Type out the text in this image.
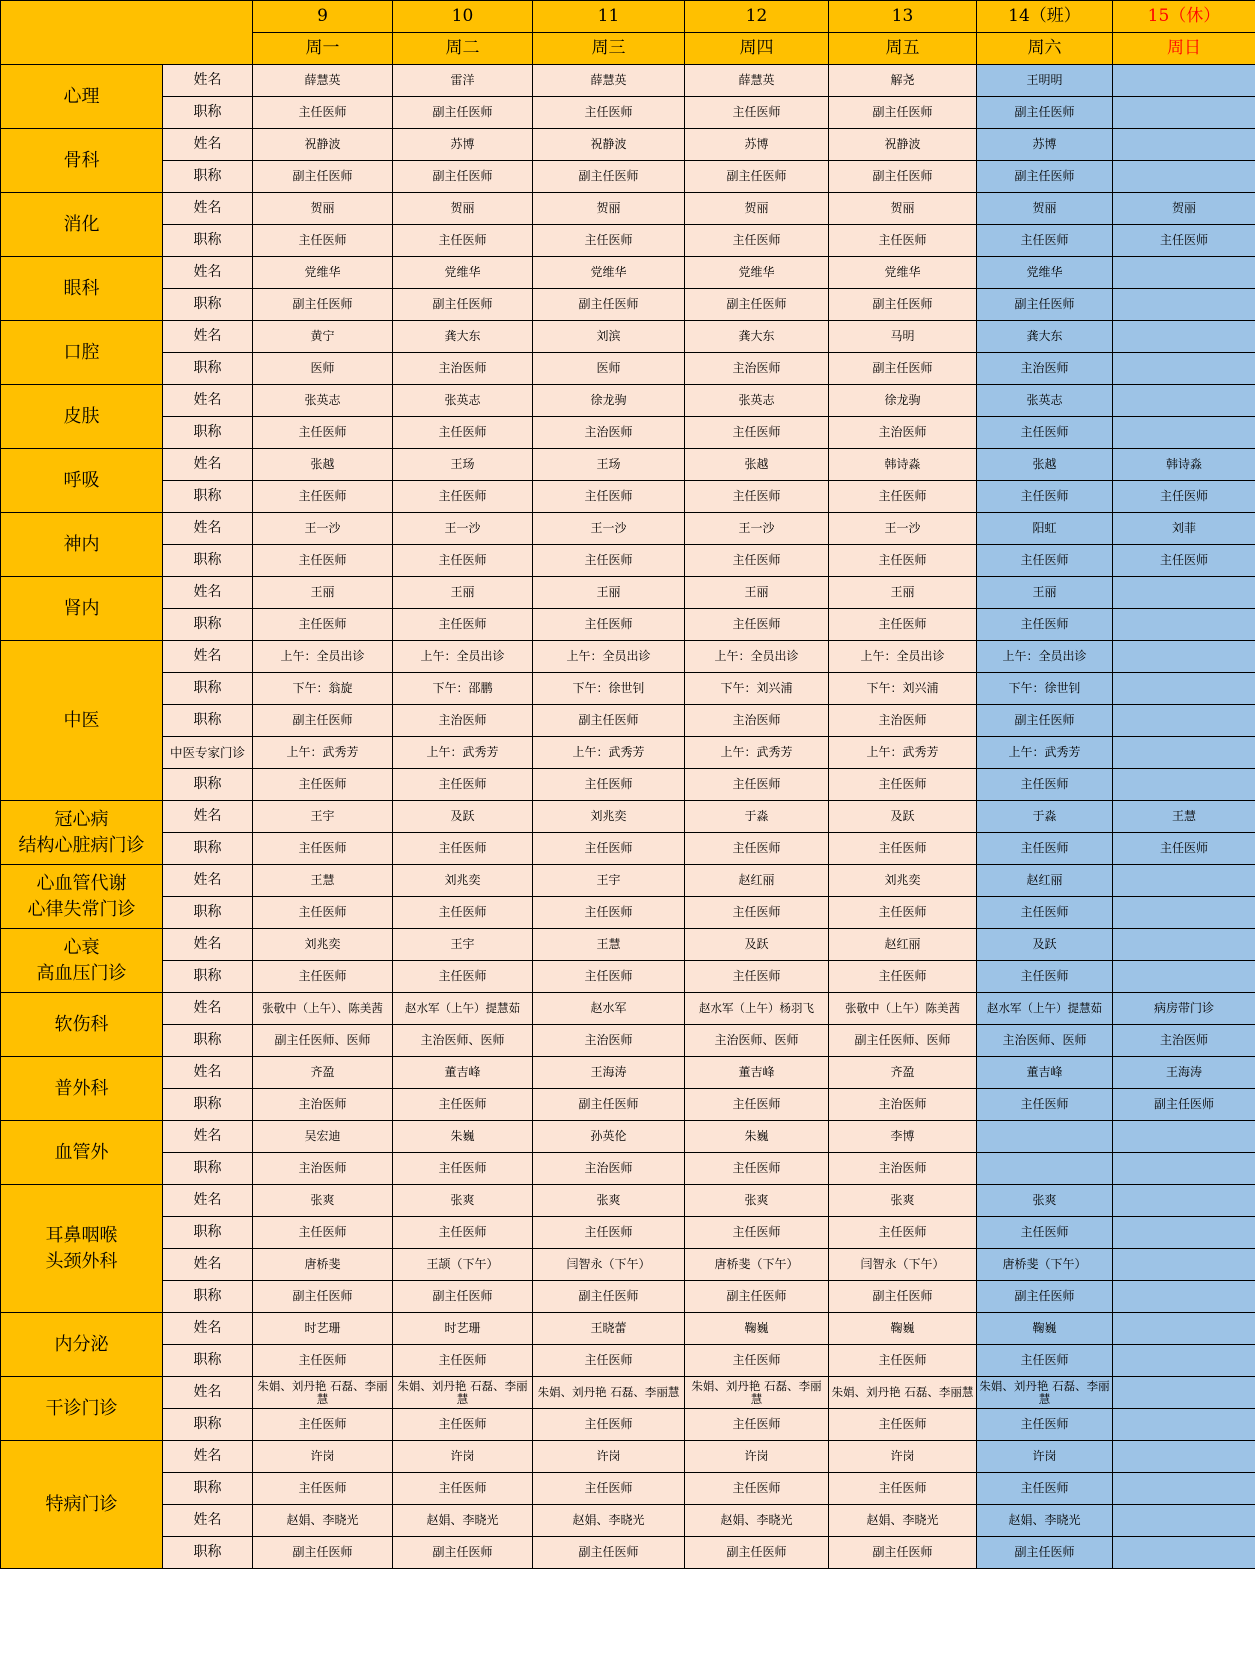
		9	10	11	12	13	14（班）	15（休）
		周一	周二	周三	周四	周五	周六	周日
心理	姓名	薛慧英	雷洋	薛慧英	薛慧英	解尧	王明明	
	职称	主任医师	副主任医师	主任医师	主任医师	副主任医师	副主任医师	
骨科	姓名	祝静波	苏博	祝静波	苏博	祝静波	苏博	
	职称	副主任医师	副主任医师	副主任医师	副主任医师	副主任医师	副主任医师	
消化	姓名	贺丽	贺丽	贺丽	贺丽	贺丽	贺丽	贺丽
	职称	主任医师	主任医师	主任医师	主任医师	主任医师	主任医师	主任医师
眼科	姓名	党维华	党维华	党维华	党维华	党维华	党维华	
	职称	副主任医师	副主任医师	副主任医师	副主任医师	副主任医师	副主任医师	
口腔	姓名	黄宁	龚大东	刘滨	龚大东	马明	龚大东	
	职称	医师	主治医师	医师	主治医师	副主任医师	主治医师	
皮肤	姓名	张英志	张英志	徐龙驹	张英志	徐龙驹	张英志	
	职称	主任医师	主任医师	主治医师	主任医师	主治医师	主任医师	
呼吸	姓名	张越	王玚	王玚	张越	韩诗淼	张越	韩诗淼
	职称	主任医师	主任医师	主任医师	主任医师	主任医师	主任医师	主任医师
神内	姓名	王一沙	王一沙	王一沙	王一沙	王一沙	阳虹	刘菲
	职称	主任医师	主任医师	主任医师	主任医师	主任医师	主任医师	主任医师
肾内	姓名	王丽	王丽	王丽	王丽	王丽	王丽	
	职称	主任医师	主任医师	主任医师	主任医师	主任医师	主任医师	
中医	姓名	上午：全员出诊	上午：全员出诊	上午：全员出诊	上午：全员出诊	上午：全员出诊	上午：全员出诊	
	职称	下午：翁旋	下午：邵鹏	下午：徐世钊	下午：刘兴浦	下午：刘兴浦	下午：徐世钊	
	职称	副主任医师	主治医师	副主任医师	主治医师	主治医师	副主任医师	
	中医专家门诊	上午：武秀芳	上午：武秀芳	上午：武秀芳	上午：武秀芳	上午：武秀芳	上午：武秀芳	
	职称	主任医师	主任医师	主任医师	主任医师	主任医师	主任医师	
冠心病
结构心脏病门诊	姓名	王宇	及跃	刘兆奕	于淼	及跃	于淼	王慧
	职称	主任医师	主任医师	主任医师	主任医师	主任医师	主任医师	主任医师
心血管代谢
心律失常门诊	姓名	王慧	刘兆奕	王宇	赵红丽	刘兆奕	赵红丽	
	职称	主任医师	主任医师	主任医师	主任医师	主任医师	主任医师	
心衰
高血压门诊	姓名	刘兆奕	王宇	王慧	及跃	赵红丽	及跃	
	职称	主任医师	主任医师	主任医师	主任医师	主任医师	主任医师	
软伤科	姓名	张敬中（上午）、陈美茜	赵水军（上午）提慧茹	赵水军	赵水军（上午）杨羽飞	张敬中（上午）陈美茜	赵水军（上午）提慧茹	病房带门诊
	职称	副主任医师、医师	主治医师、医师	主治医师	主治医师、医师	副主任医师、医师	主治医师、医师	主治医师
普外科	姓名	齐盈	董吉峰	王海涛	董吉峰	齐盈	董吉峰	王海涛
	职称	主治医师	主任医师	副主任医师	主任医师	主治医师	主任医师	副主任医师
血管外	姓名	吴宏迪	朱巍	孙英伦	朱巍	李博		
	职称	主治医师	主任医师	主治医师	主任医师	主治医师		
耳鼻咽喉
头颈外科	姓名	张爽	张爽	张爽	张爽	张爽	张爽	
	职称	主任医师	主任医师	主任医师	主任医师	主任医师	主任医师	
	姓名	唐桥斐	王颉（下午）	闫智永（下午）	唐桥斐（下午）	闫智永（下午）	唐桥斐（下午）	
	职称	副主任医师	副主任医师	副主任医师	副主任医师	副主任医师	副主任医师	
内分泌	姓名	时艺珊	时艺珊	王晓蕾	鞠巍	鞠巍	鞠巍	
	职称	主任医师	主任医师	主任医师	主任医师	主任医师	主任医师	
干诊门诊	姓名	朱娟、刘丹艳 石磊、李丽慧	朱娟、刘丹艳 石磊、李丽慧	朱娟、刘丹艳 石磊、李丽慧	朱娟、刘丹艳 石磊、李丽慧	朱娟、刘丹艳 石磊、李丽慧	朱娟、刘丹艳 石磊、李丽慧	
	职称	主任医师	主任医师	主任医师	主任医师	主任医师	主任医师	
特病门诊	姓名	许岗	许岗	许岗	许岗	许岗	许岗	
	职称	主任医师	主任医师	主任医师	主任医师	主任医师	主任医师	
	姓名	赵娟、李晓光	赵娟、李晓光	赵娟、李晓光	赵娟、李晓光	赵娟、李晓光	赵娟、李晓光	
	职称	副主任医师	副主任医师	副主任医师	副主任医师	副主任医师	副主任医师	
